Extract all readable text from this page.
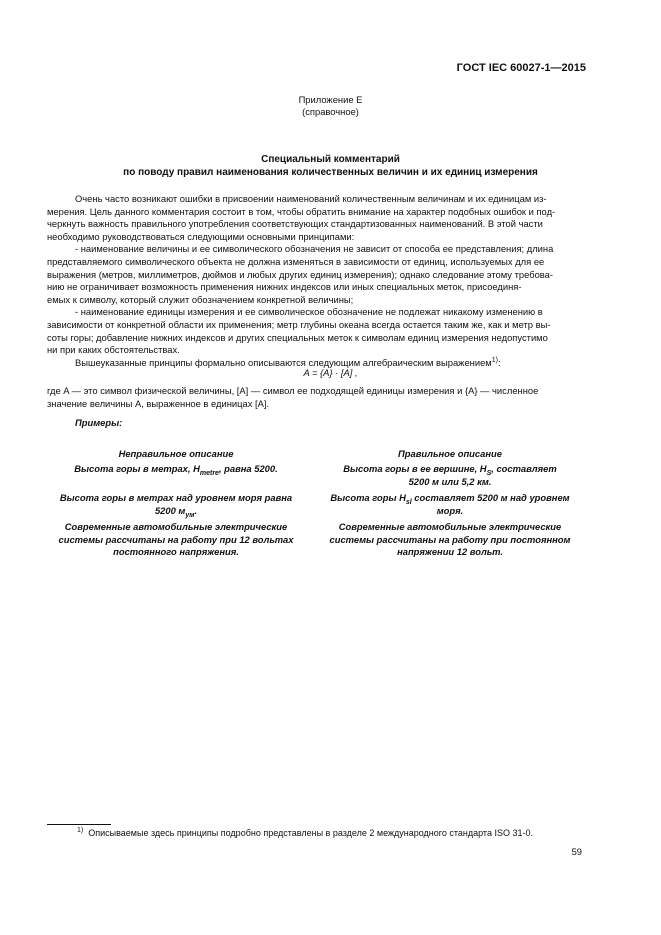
ГОСТ IEC 60027-1—2015
Приложение Е
(справочное)
Специальный комментарий
по поводу правил наименования количественных величин и их единиц измерения
Очень часто возникают ошибки в присвоении наименований количественным величинам и их единицам из-
мерения. Цель данного комментария состоит в том, чтобы обратить внимание на характер подобных ошибок и под-
черкнуть важность правильного употребления соответствующих стандартизованных наименований. В этой части
необходимо руководствоваться следующими основными принципами:
- наименование величины и ее символического обозначения не зависит от способа ее представления; длина
представляемого символического объекта не должна изменяться в зависимости от единиц, используемых для ее
выражения (метров, миллиметров, дюймов и любых других единиц измерения); однако следование этому требова-
нию не ограничивает возможность применения нижних индексов или иных специальных меток, присоединя-
емых к символу, который служит обозначением конкретной величины;
- наименование единицы измерения и ее символическое обозначение не подлежат никакому изменению в
зависимости от конкретной области их применения; метр глубины океана всегда остается таким же, как и метр вы-
соты горы; добавление нижних индексов и других специальных меток к символам единиц измерения недопустимо
ни при каких обстоятельствах.
Вышеуказанные принципы формально описываются следующим алгебраическим выражением$^{1)}$:
A = {A} · [A] ,
где A — это символ физической величины, [A] — символ ее подходящей единицы измерения и {A} — численное
значение величины A, выраженное в единицах [A].
Примеры:
Неправильное описание	Правильное описание
Высота горы в метрах, $H_{metre}$, равна 5200.	Высота горы в ее вершине, $H_S$, составляет
5200 м или 5,2 км.
Высота горы в метрах над уровнем моря равна
5200 $м_{ум}$.
Высота горы $H_{sl}$ составляет 5200 м над уровнем
моря.
Современные автомобильные электрические
системы рассчитаны на работу при 12 вольтах
постоянного напряжения.
Современные автомобильные электрические
системы рассчитаны на работу при постоянном
напряжении 12 вольт.
$^{1)}$ Описываемые здесь принципы подробно представлены в разделе 2 международного стандарта ISO 31-0.
59
